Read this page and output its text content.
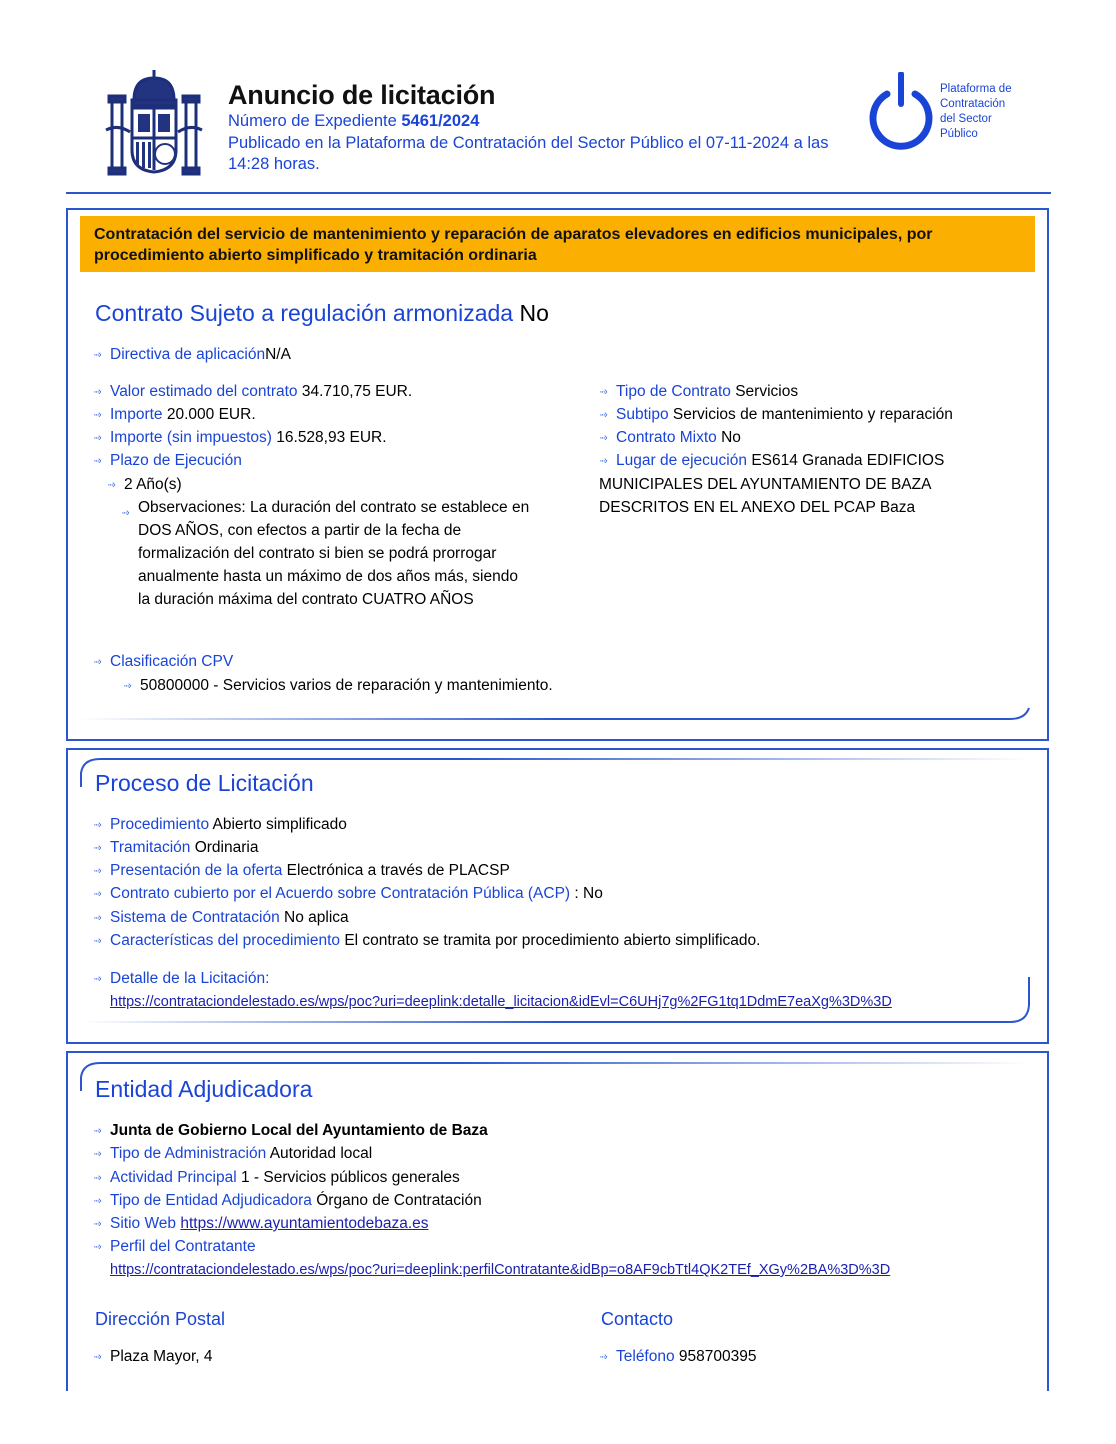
Anuncio de licitación
Número de Expediente 5461/2024
Publicado en la Plataforma de Contratación del Sector Público el 07-11-2024 a las 14:28 horas.
Plataforma de
Contratación
del Sector
Público
Contratación del servicio de mantenimiento y reparación de aparatos elevadores en edificios municipales, por procedimiento abierto simplificado y tramitación ordinaria
Contrato Sujeto a regulación armonizada No
···› Directiva de aplicaciónN/A
···› Valor estimado del contrato 34.710,75 EUR.
···› Importe 20.000 EUR.
···› Importe (sin impuestos) 16.528,93 EUR.
···› Plazo de Ejecución
···› 2 Año(s)
···› Observaciones: La duración del contrato se establece en DOS AÑOS, con efectos a partir de la fecha de formalización del contrato si bien se podrá prorrogar anualmente hasta un máximo de dos años más, siendo la duración máxima del contrato CUATRO AÑOS
···› Tipo de Contrato Servicios
···› Subtipo Servicios de mantenimiento y reparación
···› Contrato Mixto No
···› Lugar de ejecución ES614 Granada EDIFICIOS MUNICIPALES DEL AYUNTAMIENTO DE BAZA DESCRITOS EN EL ANEXO DEL PCAP Baza
···› Clasificación CPV
···› 50800000 - Servicios varios de reparación y mantenimiento.
Proceso de Licitación
···› Procedimiento Abierto simplificado
···› Tramitación Ordinaria
···› Presentación de la oferta Electrónica a través de PLACSP
···› Contrato cubierto por el Acuerdo sobre Contratación Pública (ACP) : No
···› Sistema de Contratación No aplica
···› Características del procedimiento El contrato se tramita por procedimiento abierto simplificado.
···› Detalle de la Licitación:
https://contrataciondelestado.es/wps/poc?uri=deeplink:detalle_licitacion&idEvl=C6UHj7g%2FG1tq1DdmE7eaXg%3D%3D
Entidad Adjudicadora
···› Junta de Gobierno Local del Ayuntamiento de Baza
···› Tipo de Administración Autoridad local
···› Actividad Principal 1 - Servicios públicos generales
···› Tipo de Entidad Adjudicadora Órgano de Contratación
···› Sitio Web https://www.ayuntamientodebaza.es
···› Perfil del Contratante
https://contrataciondelestado.es/wps/poc?uri=deeplink:perfilContratante&idBp=o8AF9cbTtl4QK2TEf_XGy%2BA%3D%3D
Dirección Postal	Contacto
···› Plaza Mayor, 4	···› Teléfono 958700395
